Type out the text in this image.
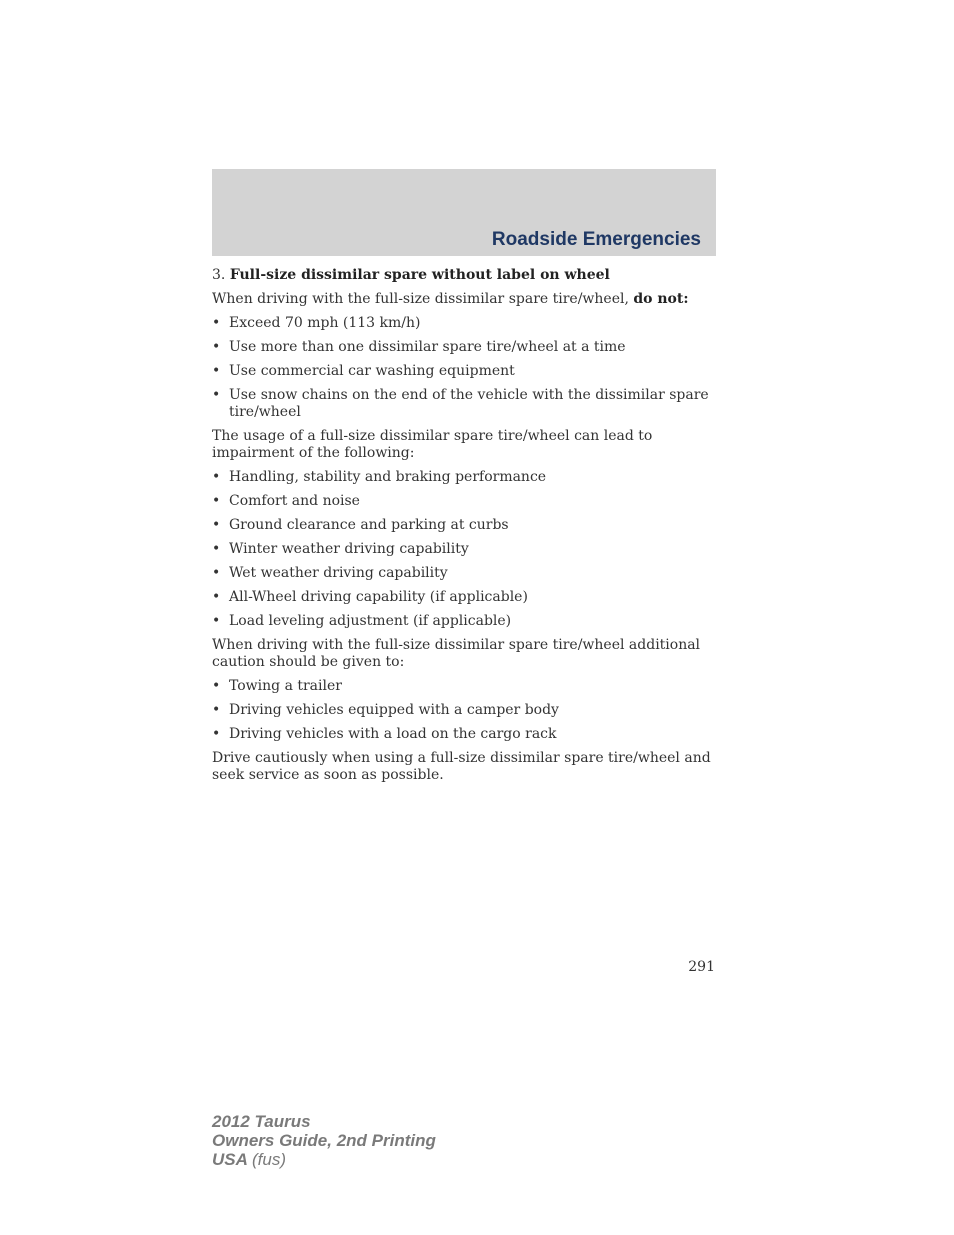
Roadside Emergencies

3. Full-size dissimilar spare without label on wheel

When driving with the full-size dissimilar spare tire/wheel, do not:

• Exceed 70 mph (113 km/h)
• Use more than one dissimilar spare tire/wheel at a time
• Use commercial car washing equipment
• Use snow chains on the end of the vehicle with the dissimilar spare tire/wheel

The usage of a full-size dissimilar spare tire/wheel can lead to impairment of the following:

• Handling, stability and braking performance
• Comfort and noise
• Ground clearance and parking at curbs
• Winter weather driving capability
• Wet weather driving capability
• All-Wheel driving capability (if applicable)
• Load leveling adjustment (if applicable)

When driving with the full-size dissimilar spare tire/wheel additional caution should be given to:

• Towing a trailer
• Driving vehicles equipped with a camper body
• Driving vehicles with a load on the cargo rack

Drive cautiously when using a full-size dissimilar spare tire/wheel and seek service as soon as possible.

291
2012 Taurus
Owners Guide, 2nd Printing
USA (fus)
